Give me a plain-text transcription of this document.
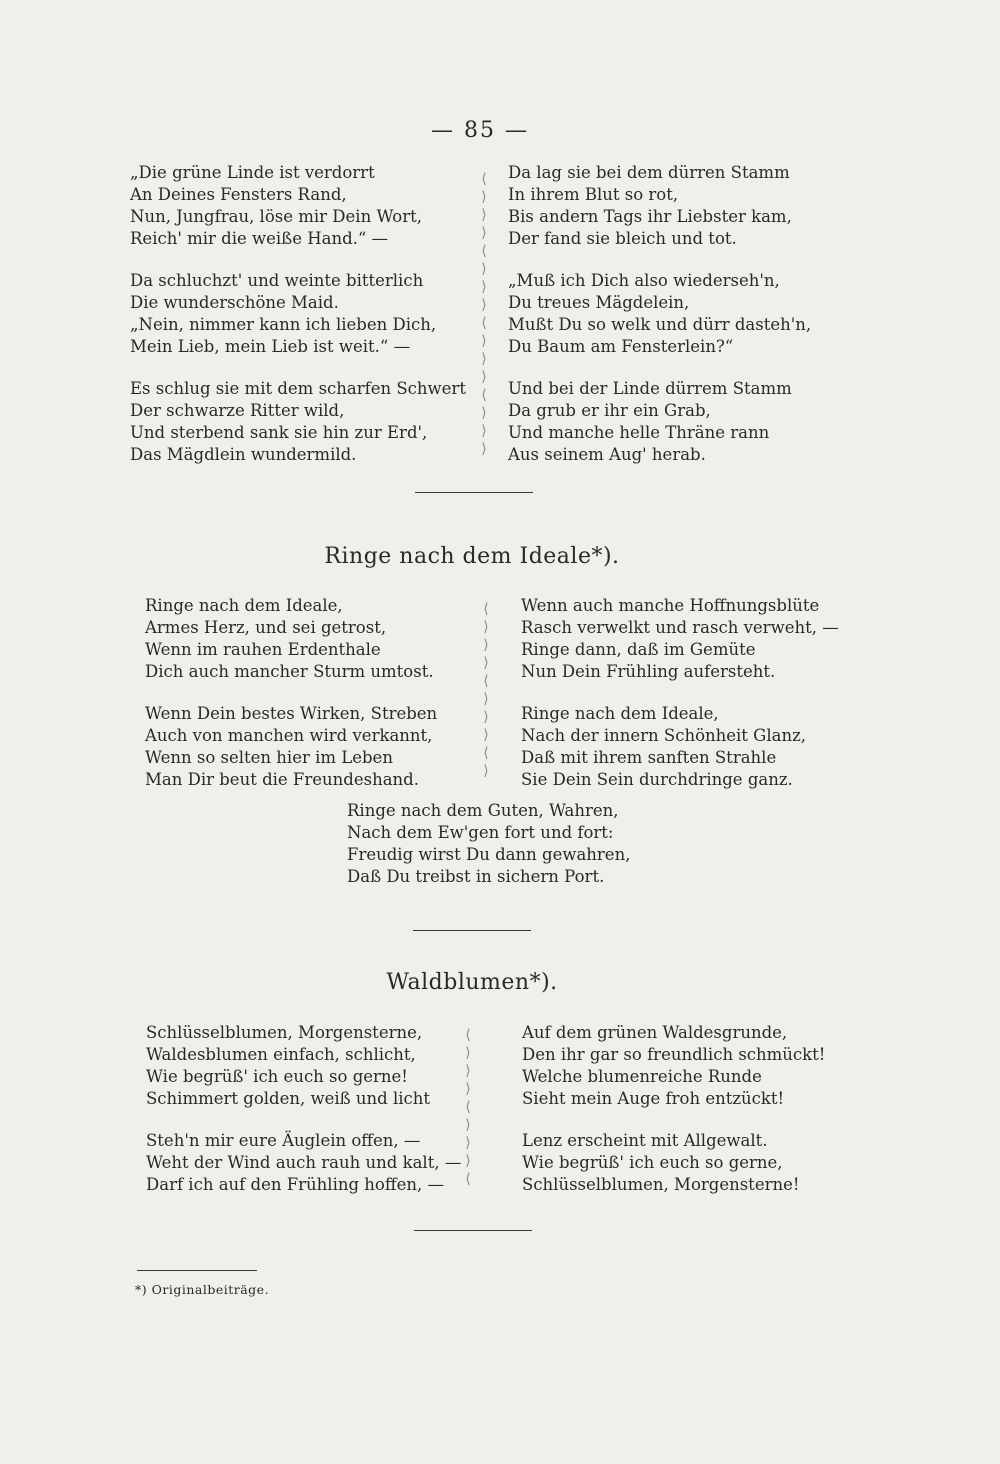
— 85 —
„Die grüne Linde ist verdorrt
An Deines Fensters Rand,
Nun, Jungfrau, löse mir Dein Wort,
Reich' mir die weiße Hand.“ —
Da schluchzt' und weinte bitterlich
Die wunderschöne Maid.
„Nein, nimmer kann ich lieben Dich,
Mein Lieb, mein Lieb ist weit.“ —
Es schlug sie mit dem scharfen Schwert
Der schwarze Ritter wild,
Und sterbend sank sie hin zur Erd',
Das Mägdlein wundermild.
Da lag sie bei dem dürren Stamm
In ihrem Blut so rot,
Bis andern Tags ihr Liebster kam,
Der fand sie bleich und tot.
„Muß ich Dich also wiederseh'n,
Du treues Mägdelein,
Mußt Du so welk und dürr dasteh'n,
Du Baum am Fensterlein?“
Und bei der Linde dürrem Stamm
Da grub er ihr ein Grab,
Und manche helle Thräne rann
Aus seinem Aug' herab.
⟨
⟩
⟩
⟩
⟨
⟩
⟩
⟩
⟨
⟩
⟩
⟩
⟨
⟩
⟩
⟩

Ringe nach dem Ideale*).
Ringe nach dem Ideale,
Armes Herz, und sei getrost,
Wenn im rauhen Erdenthale
Dich auch mancher Sturm umtost.
Wenn Dein bestes Wirken, Streben
Auch von manchen wird verkannt,
Wenn so selten hier im Leben
Man Dir beut die Freundeshand.
Wenn auch manche Hoffnungsblüte
Rasch verwelkt und rasch verweht, —
Ringe dann, daß im Gemüte
Nun Dein Frühling aufersteht.
Ringe nach dem Ideale,
Nach der innern Schönheit Glanz,
Daß mit ihrem sanften Strahle
Sie Dein Sein durchdringe ganz.
⟨
⟩
⟩
⟩
⟨
⟩
⟩
⟩
⟨
⟩

Ringe nach dem Guten, Wahren,
Nach dem Ew'gen fort und fort:
Freudig wirst Du dann gewahren,
Daß Du treibst in sichern Port.
Waldblumen*).
Schlüsselblumen, Morgensterne,
Waldesblumen einfach, schlicht,
Wie begrüß' ich euch so gerne!
Schimmert golden, weiß und licht
Steh'n mir eure Äuglein offen, —
Weht der Wind auch rauh und kalt, —
Darf ich auf den Frühling hoffen, —
Auf dem grünen Waldesgrunde,
Den ihr gar so freundlich schmückt!
Welche blumenreiche Runde
Sieht mein Auge froh entzückt!
Lenz erscheint mit Allgewalt.
Wie begrüß' ich euch so gerne,
Schlüsselblumen, Morgensterne!
⟨
⟩
⟩
⟩
⟨
⟩
⟩
⟩
⟨

*) Originalbeiträge.
